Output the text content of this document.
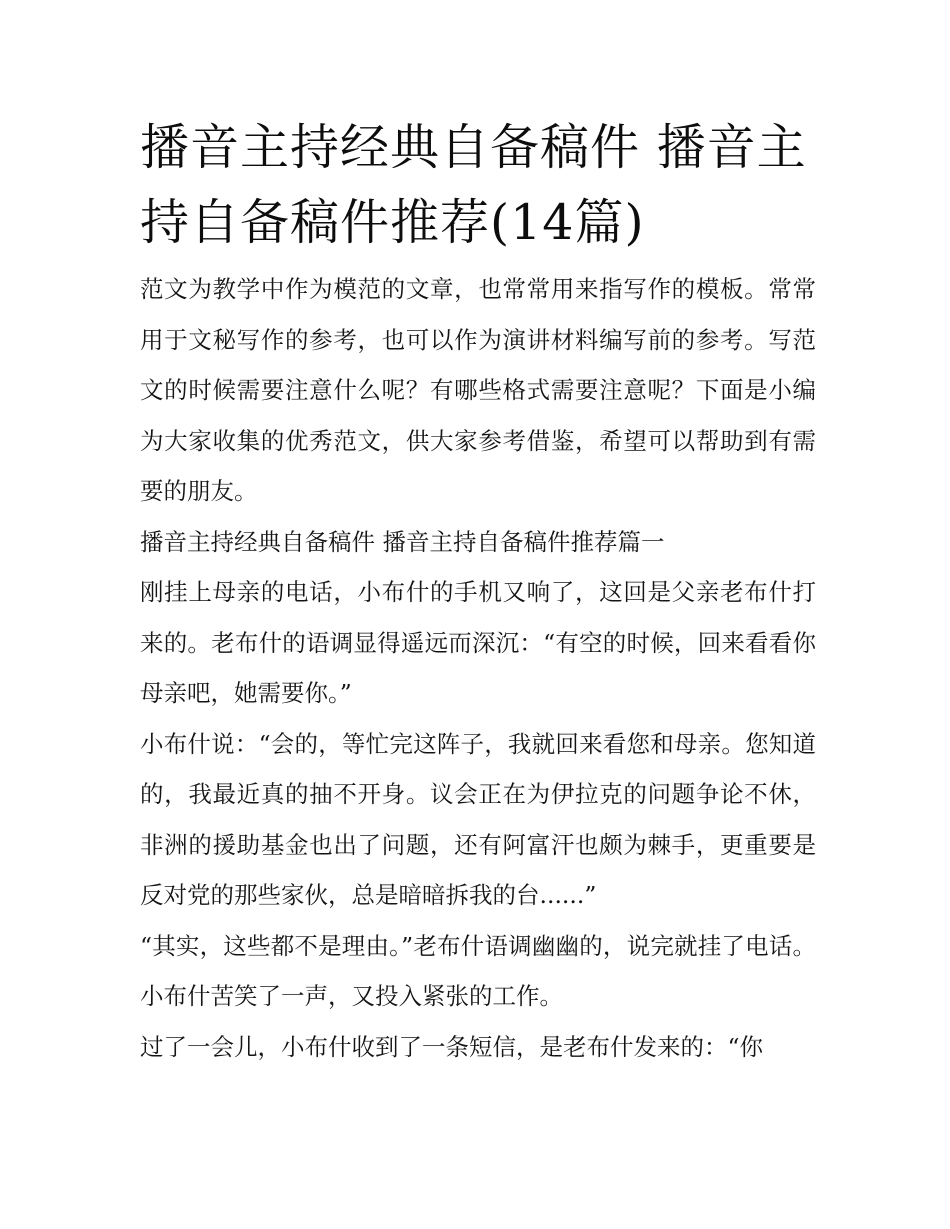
播音主持经典自备稿件 播音主持自备稿件推荐(14篇)

范文为教学中作为模范的文章，也常常用来指写作的模板。常常用于文秘写作的参考，也可以作为演讲材料编写前的参考。写范文的时候需要注意什么呢？有哪些格式需要注意呢？下面是小编为大家收集的优秀范文，供大家参考借鉴，希望可以帮助到有需要的朋友。

播音主持经典自备稿件 播音主持自备稿件推荐篇一

刚挂上母亲的电话，小布什的手机又响了，这回是父亲老布什打来的。老布什的语调显得遥远而深沉：“有空的时候，回来看看你母亲吧，她需要你。”

小布什说：“会的，等忙完这阵子，我就回来看您和母亲。您知道的，我最近真的抽不开身。议会正在为伊拉克的问题争论不休，非洲的援助基金也出了问题，还有阿富汗也颇为棘手，更重要是反对党的那些家伙，总是暗暗拆我的台......”

“其实，这些都不是理由。”老布什语调幽幽的，说完就挂了电话。 小布什苦笑了一声，又投入紧张的工作。

过了一会儿，小布什收到了一条短信，是老布什发来的：“你
